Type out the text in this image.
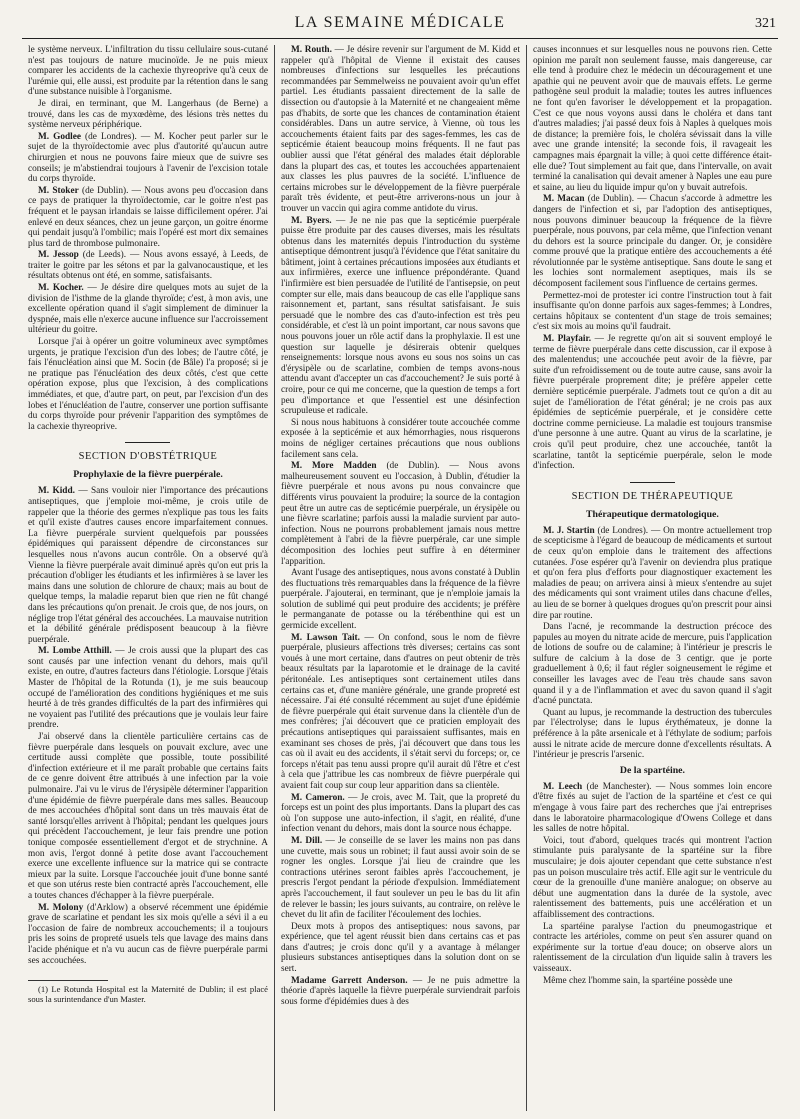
LA SEMAINE MÉDICALE	321

le système nerveux. L'infiltration du tissu cellulaire sous-cutané n'est pas toujours de nature mucinoïde. Je ne puis mieux comparer les accidents de la cachexie thyreoprive qu'à ceux de l'urémie qui, elle aussi, est produite par la rétention dans le sang d'une substance nuisible à l'organisme.

Je dirai, en terminant, que M. Langerhaus (de Berne) a trouvé, dans les cas de myxœdème, des lésions très nettes du système nerveux périphérique.

M. Godlee (de Londres). — M. Kocher peut parler sur le sujet de la thyroïdectomie avec plus d'autorité qu'aucun autre chirurgien et nous ne pouvons faire mieux que de suivre ses conseils; je m'abstiendrai toujours à l'avenir de l'excision totale du corps thyroïde.

M. Stoker (de Dublin). — Nous avons peu d'occasion dans ce pays de pratiquer la thyroïdectomie, car le goitre n'est pas fréquent et le paysan irlandais se laisse difficilement opérer. J'ai enlevé en deux séances, chez un jeune garçon, un goitre énorme qui pendait jusqu'à l'ombilic; mais l'opéré est mort dix semaines plus tard de thrombose pulmonaire.

M. Jessop (de Leeds). — Nous avons essayé, à Leeds, de traiter le goitre par les sétons et par la galvanocaustique, et les résultats obtenus ont été, en somme, satisfaisants.

M. Kocher. — Je désire dire quelques mots au sujet de la division de l'isthme de la glande thyroïde; c'est, à mon avis, une excellente opération quand il s'agit simplement de diminuer la dyspnée, mais elle n'exerce aucune influence sur l'accroissement ultérieur du goitre.

Lorsque j'ai à opérer un goitre volumineux avec symptômes urgents, je pratique l'excision d'un des lobes; de l'autre côté, je fais l'énucléation ainsi que M. Socin (de Bâle) l'a proposé; si je ne pratique pas l'énucléation des deux côtés, c'est que cette opération expose, plus que l'excision, à des complications immédiates, et que, d'autre part, on peut, par l'excision d'un des lobes et l'énucléation de l'autre, conserver une portion suffisante du corps thyroïde pour prévenir l'apparition des symptômes de la cachexie thyreoprive.

SECTION D'OBSTÉTRIQUE
Prophylaxie de la fièvre puerpérale.

M. Kidd. — Sans vouloir nier l'importance des précautions antiseptiques, que j'emploie moi-même, je crois utile de rappeler que la théorie des germes n'explique pas tous les faits et qu'il existe d'autres causes encore imparfaitement connues. La fièvre puerpérale survient quelquefois par poussées épidémiques qui paraissent dépendre de circonstances sur lesquelles nous n'avons aucun contrôle. On a observé qu'à Vienne la fièvre puerpérale avait diminué après qu'on eut pris la précaution d'obliger les étudiants et les infirmières à se laver les mains dans une solution de chlorure de chaux; mais au bout de quelque temps, la maladie reparut bien que rien ne fût changé dans les précautions qu'on prenait. Je crois que, de nos jours, on néglige trop l'état général des accouchées. La mauvaise nutrition et la débilité générale prédisposent beaucoup à la fièvre puerpérale.

M. Lombe Atthill. — Je crois aussi que la plupart des cas sont causés par une infection venant du dehors, mais qu'il existe, en outre, d'autres facteurs dans l'étiologie. Lorsque j'étais Master de l'hôpital de la Rotunda (1), je me suis beaucoup occupé de l'amélioration des conditions hygiéniques et me suis heurté à de très grandes difficultés de la part des infirmières qui ne voyaient pas l'utilité des précautions que je voulais leur faire prendre.

J'ai observé dans la clientèle particulière certains cas de fièvre puerpérale dans lesquels on pouvait exclure, avec une certitude aussi complète que possible, toute possibilité d'infection extérieure et il me paraît probable que certains faits de ce genre doivent être attribués à une infection par la voie pulmonaire. J'ai vu le virus de l'érysipèle déterminer l'apparition d'une épidémie de fièvre puerpérale dans mes salles. Beaucoup de mes accouchées d'hôpital sont dans un très mauvais état de santé lorsqu'elles arrivent à l'hôpital; pendant les quelques jours qui précèdent l'accouchement, je leur fais prendre une potion tonique composée essentiellement d'ergot et de strychnine. A mon avis, l'ergot donné à petite dose avant l'accouchement exerce une excellente influence sur la matrice qui se contracte mieux par la suite. Lorsque l'accouchée jouit d'une bonne santé et que son utérus reste bien contracté après l'accouchement, elle a toutes chances d'échapper à la fièvre puerpérale.

M. Molony (d'Arklow) a observé récemment une épidémie grave de scarlatine et pendant les six mois qu'elle a sévi il a eu l'occasion de faire de nombreux accouchements; il a toujours pris les soins de propreté usuels tels que lavage des mains dans l'acide phénique et n'a vu aucun cas de fièvre puerpérale parmi ses accouchées.

(1) Le Rotunda Hospital est la Maternité de Dublin; il est placé sous la surintendance d'un Master.

M. Routh. — Je désire revenir sur l'argument de M. Kidd et rappeler qu'à l'hôpital de Vienne il existait des causes nombreuses d'infections sur lesquelles les précautions recommandées par Semmelweiss ne pouvaient avoir qu'un effet partiel. Les étudiants passaient directement de la salle de dissection ou d'autopsie à la Maternité et ne changeaient même pas d'habits, de sorte que les chances de contamination étaient considérables. Dans un autre service, à Vienne, où tous les accouchements étaient faits par des sages-femmes, les cas de septicémie étaient beaucoup moins fréquents. Il ne faut pas oublier aussi que l'état général des malades était déplorable dans la plupart des cas, et toutes les accouchées appartenaient aux classes les plus pauvres de la société. L'influence de certains microbes sur le développement de la fièvre puerpérale paraît très évidente, et peut-être arriverons-nous un jour à trouver un vaccin qui agira comme antidote du virus.

M. Byers. — Je ne nie pas que la septicémie puerpérale puisse être produite par des causes diverses, mais les résultats obtenus dans les maternités depuis l'introduction du système antiseptique démontrent jusqu'à l'évidence que l'état sanitaire du bâtiment, joint à certaines précautions imposées aux étudiants et aux infirmières, exerce une influence prépondérante. Quand l'infirmière est bien persuadée de l'utilité de l'antisepsie, on peut compter sur elle, mais dans beaucoup de cas elle l'applique sans raisonnement et, partant, sans résultat satisfaisant. Je suis persuadé que le nombre des cas d'auto-infection est très peu considérable, et c'est là un point important, car nous savons que nous pouvons jouer un rôle actif dans la prophylaxie. Il est une question sur laquelle je désirerais obtenir quelques renseignements: lorsque nous avons eu sous nos soins un cas d'érysipèle ou de scarlatine, combien de temps avons-nous attendu avant d'accepter un cas d'accouchement? Je suis porté à croire, pour ce qui me concerne, que la question de temps a fort peu d'importance et que l'essentiel est une désinfection scrupuleuse et radicale.

Si nous nous habituons à considérer toute accouchée comme exposée à la septicémie et aux hémorrhagies, nous risquerons moins de négliger certaines précautions que nous oublions facilement sans cela.

M. More Madden (de Dublin). — Nous avons malheureusement souvent eu l'occasion, à Dublin, d'étudier la fièvre puerpérale et nous avons pu nous convaincre que différents virus pouvaient la produire; la source de la contagion peut être un autre cas de septicémie puerpérale, un érysipèle ou une fièvre scarlatine; parfois aussi la maladie survient par auto-infection. Nous ne pourrons probablement jamais nous mettre complètement à l'abri de la fièvre puerpérale, car une simple décomposition des lochies peut suffire à en déterminer l'apparition.

Avant l'usage des antiseptiques, nous avons constaté à Dublin des fluctuations très remarquables dans la fréquence de la fièvre puerpérale. J'ajouterai, en terminant, que je n'emploie jamais la solution de sublimé qui peut produire des accidents; je préfère le permanganate de potasse ou la térébenthine qui est un germicide excellent.

M. Lawson Tait. — On confond, sous le nom de fièvre puerpérale, plusieurs affections très diverses; certains cas sont voués à une mort certaine, dans d'autres on peut obtenir de très beaux résultats par la laparotomie et le drainage de la cavité péritonéale. Les antiseptiques sont certainement utiles dans certains cas et, d'une manière générale, une grande propreté est nécessaire. J'ai été consulté récemment au sujet d'une épidémie de fièvre puerpérale qui était survenue dans la clientèle d'un de mes confrères; j'ai découvert que ce praticien employait des précautions antiseptiques qui paraissaient suffisantes, mais en examinant ses choses de près, j'ai découvert que dans tous les cas où il avait eu des accidents, il s'était servi du forceps; or, ce forceps n'était pas tenu aussi propre qu'il aurait dû l'être et c'est à cela que j'attribue les cas nombreux de fièvre puerpérale qui avaient fait coup sur coup leur apparition dans sa clientèle.

M. Cameron. — Je crois, avec M. Tait, que la propreté du forceps est un point des plus importants. Dans la plupart des cas où l'on suppose une auto-infection, il s'agit, en réalité, d'une infection venant du dehors, mais dont la source nous échappe.

M. Dill. — Je conseille de se laver les mains non pas dans une cuvette, mais sous un robinet; il faut aussi avoir soin de se rogner les ongles. Lorsque j'ai lieu de craindre que les contractions utérines seront faibles après l'accouchement, je prescris l'ergot pendant la période d'expulsion. Immédiatement après l'accouchement, il faut soulever un peu le bas du lit afin de relever le bassin; les jours suivants, au contraire, on relève le chevet du lit afin de faciliter l'écoulement des lochies.

Deux mots à propos des antiseptiques: nous savons, par expérience, que tel agent réussit bien dans certains cas et pas dans d'autres; je crois donc qu'il y a avantage à mélanger plusieurs substances antiseptiques dans la solution dont on se sert.

Madame Garrett Anderson. — Je ne puis admettre la théorie d'après laquelle la fièvre puerpérale surviendrait parfois sous forme d'épidémies dues à des

causes inconnues et sur lesquelles nous ne pouvons rien. Cette opinion me paraît non seulement fausse, mais dangereuse, car elle tend à produire chez le médecin un découragement et une apathie qui ne peuvent avoir que de mauvais effets. Le germe pathogène seul produit la maladie; toutes les autres influences ne font qu'en favoriser le développement et la propagation. C'est ce que nous voyons aussi dans le choléra et dans tant d'autres maladies; j'ai passé deux fois à Naples à quelques mois de distance; la première fois, le choléra sévissait dans la ville avec une grande intensité; la seconde fois, il ravageait les campagnes mais épargnait la ville; à quoi cette différence était-elle due? Tout simplement au fait que, dans l'intervalle, on avait terminé la canalisation qui devait amener à Naples une eau pure et saine, au lieu du liquide impur qu'on y buvait autrefois.

M. Macan (de Dublin). — Chacun s'accorde à admettre les dangers de l'infection et si, par l'adoption des antiseptiques, nous pouvons diminuer beaucoup la fréquence de la fièvre puerpérale, nous pouvons, par cela même, que l'infection venant du dehors est la source principale du danger. Or, je considère comme prouvé que la pratique entière des accouchements a été révolutionnée par le système antiseptique. Sans doute le sang et les lochies sont normalement aseptiques, mais ils se décomposent facilement sous l'influence de certains germes.

Permettez-moi de protester ici contre l'instruction tout à fait insuffisante qu'on donne parfois aux sages-femmes; à Londres, certains hôpitaux se contentent d'un stage de trois semaines; c'est six mois au moins qu'il faudrait.

M. Playfair. — Je regrette qu'on ait si souvent employé le terme de fièvre puerpérale dans cette discussion, car il expose à des malentendus; une accouchée peut avoir de la fièvre, par suite d'un refroidissement ou de toute autre cause, sans avoir la fièvre puerpérale proprement dite; je préfère appeler cette dernière septicémie puerpérale. J'admets tout ce qu'on a dit au sujet de l'amélioration de l'état général; je ne crois pas aux épidémies de septicémie puerpérale, et je considère cette doctrine comme pernicieuse. La maladie est toujours transmise d'une personne à une autre. Quant au virus de la scarlatine, je crois qu'il peut produire, chez une accouchée, tantôt la scarlatine, tantôt la septicémie puerpérale, selon le mode d'infection.

SECTION DE THÉRAPEUTIQUE
Thérapeutique dermatologique.

M. J. Startin (de Londres). — On montre actuellement trop de scepticisme à l'égard de beaucoup de médicaments et surtout de ceux qu'on emploie dans le traitement des affections cutanées. J'ose espérer qu'à l'avenir on deviendra plus pratique et qu'on fera plus d'efforts pour diagnostiquer exactement les maladies de peau; on arrivera ainsi à mieux s'entendre au sujet des médicaments qui sont vraiment utiles dans chacune d'elles, au lieu de se borner à quelques drogues qu'on prescrit pour ainsi dire par routine.

Dans l'acné, je recommande la destruction précoce des papules au moyen du nitrate acide de mercure, puis l'application de lotions de soufre ou de calamine; à l'intérieur je prescris le sulfure de calcium à la dose de 3 centigr. que je porte graduellement à 0,6; il faut régler soigneusement le régime et conseiller les lavages avec de l'eau très chaude sans savon quand il y a de l'inflammation et avec du savon quand il s'agit d'acné punctata.

Quant au lupus, je recommande la destruction des tubercules par l'électrolyse; dans le lupus érythémateux, je donne la préférence à la pâte arsenicale et à l'éthylate de sodium; parfois aussi le nitrate acide de mercure donne d'excellents résultats. A l'intérieur je prescris l'arsenic.

De la spartéine.

M. Leech (de Manchester). — Nous sommes loin encore d'être fixés au sujet de l'action de la spartéine et c'est ce qui m'engage à vous faire part des recherches que j'ai entreprises dans le laboratoire pharmacologique d'Owens College et dans les salles de notre hôpital.

Voici, tout d'abord, quelques tracés qui montrent l'action stimulante puis paralysante de la spartéine sur la fibre musculaire; je dois ajouter cependant que cette substance n'est pas un poison musculaire très actif. Elle agit sur le ventricule du cœur de la grenouille d'une manière analogue; on observe au début une augmentation dans la durée de la systole, avec ralentissement des battements, puis une accélération et un affaiblissement des contractions.

La spartéine paralyse l'action du pneumogastrique et contracte les artérioles, comme on peut s'en assurer quand on expérimente sur la tortue d'eau douce; on observe alors un ralentissement de la circulation d'un liquide salin à travers les vaisseaux.

Même chez l'homme sain, la spartéine possède une
